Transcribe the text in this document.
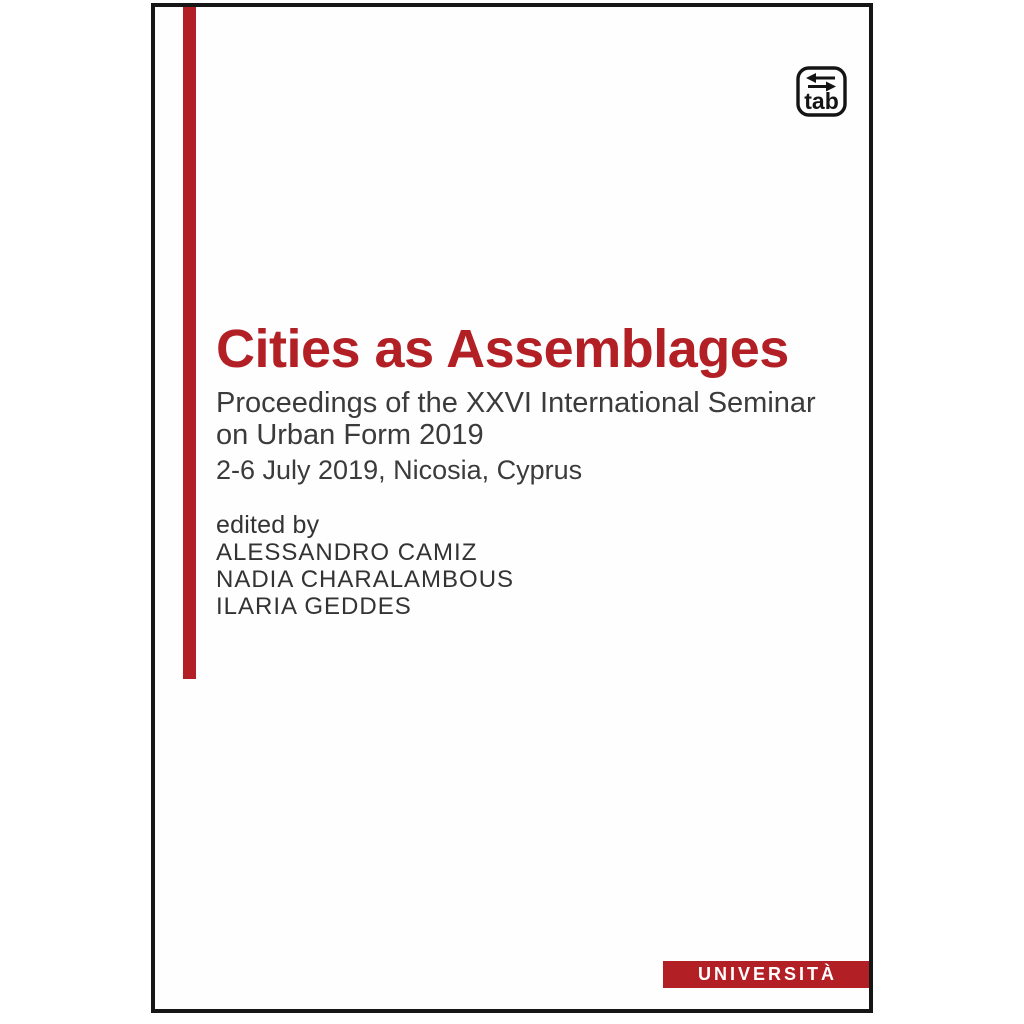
tab
Cities as Assemblages
Proceedings of the XXVI International Seminar
on Urban Form 2019
2-6 July 2019, Nicosia, Cyprus
edited by
ALESSANDRO CAMIZ
NADIA CHARALAMBOUS
ILARIA GEDDES
UNIVERSITÀ
